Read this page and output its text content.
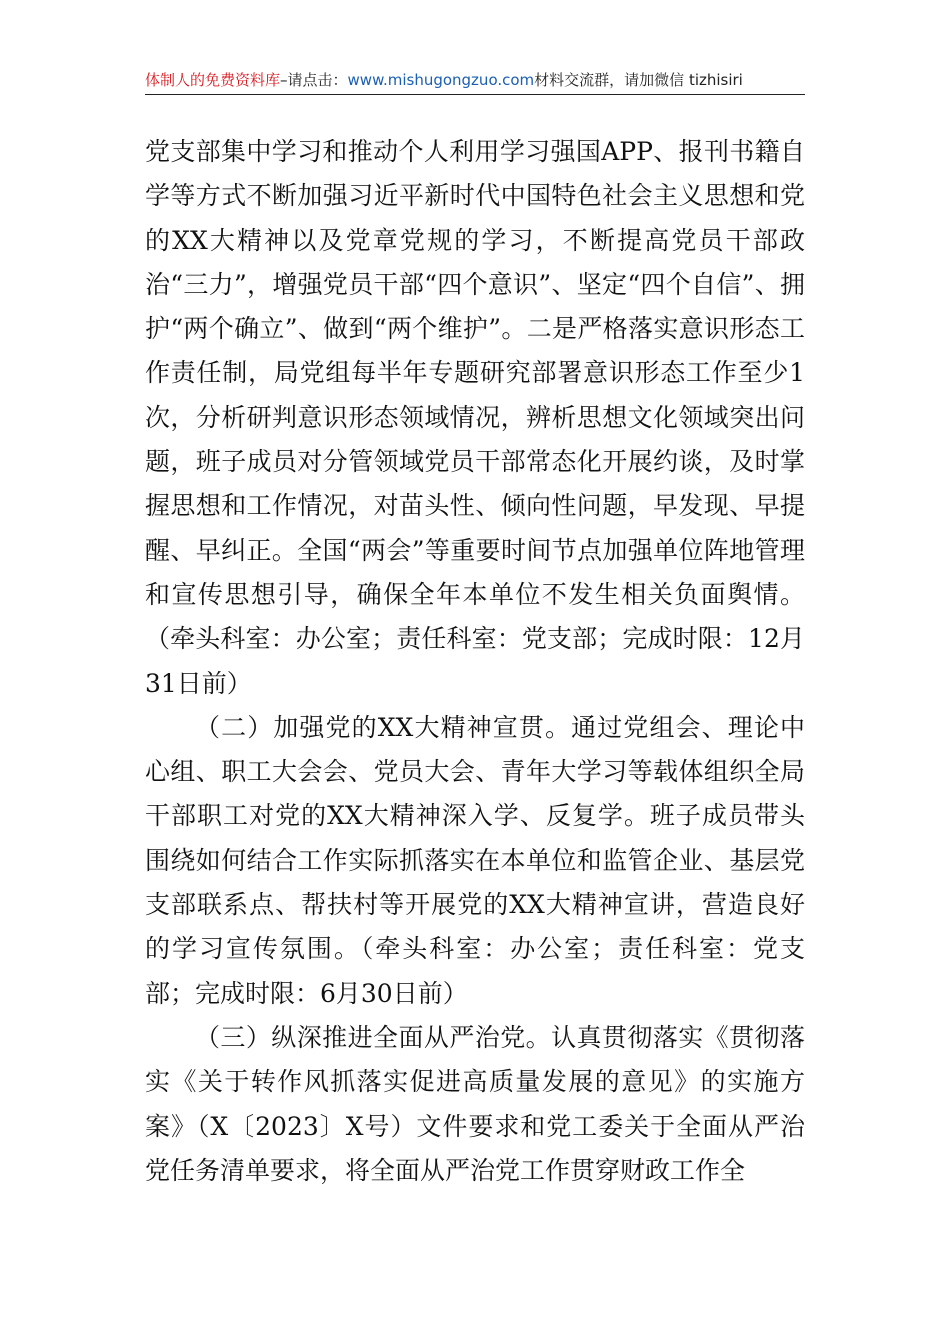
体制人的免费资料库–请点击：www.mishugongzuo.com材料交流群，请加微信 tizhisiri

党支部集中学习和推动个人利用学习强国APP、报刊书籍自学等方式不断加强习近平新时代中国特色社会主义思想和党的XX大精神以及党章党规的学习，不断提高党员干部政治“三力”，增强党员干部“四个意识”、坚定“四个自信”、拥护“两个确立”、做到“两个维护”。二是严格落实意识形态工作责任制，局党组每半年专题研究部署意识形态工作至少1次，分析研判意识形态领域情况，辨析思想文化领域突出问题，班子成员对分管领域党员干部常态化开展约谈，及时掌握思想和工作情况，对苗头性、倾向性问题，早发现、早提醒、早纠正。全国“两会”等重要时间节点加强单位阵地管理和宣传思想引导，确保全年本单位不发生相关负面舆情。（牵头科室：办公室；责任科室：党支部；完成时限：12月31日前）

（二）加强党的XX大精神宣贯。通过党组会、理论中心组、职工大会会、党员大会、青年大学习等载体组织全局干部职工对党的XX大精神深入学、反复学。班子成员带头围绕如何结合工作实际抓落实在本单位和监管企业、基层党支部联系点、帮扶村等开展党的XX大精神宣讲，营造良好的学习宣传氛围。（牵头科室：办公室；责任科室：党支部；完成时限：6月30日前）

（三）纵深推进全面从严治党。认真贯彻落实《贯彻落实《关于转作风抓落实促进高质量发展的意见》的实施方案》（X〔2023〕X号）文件要求和党工委关于全面从严治党任务清单要求，将全面从严治党工作贯穿财政工作全
